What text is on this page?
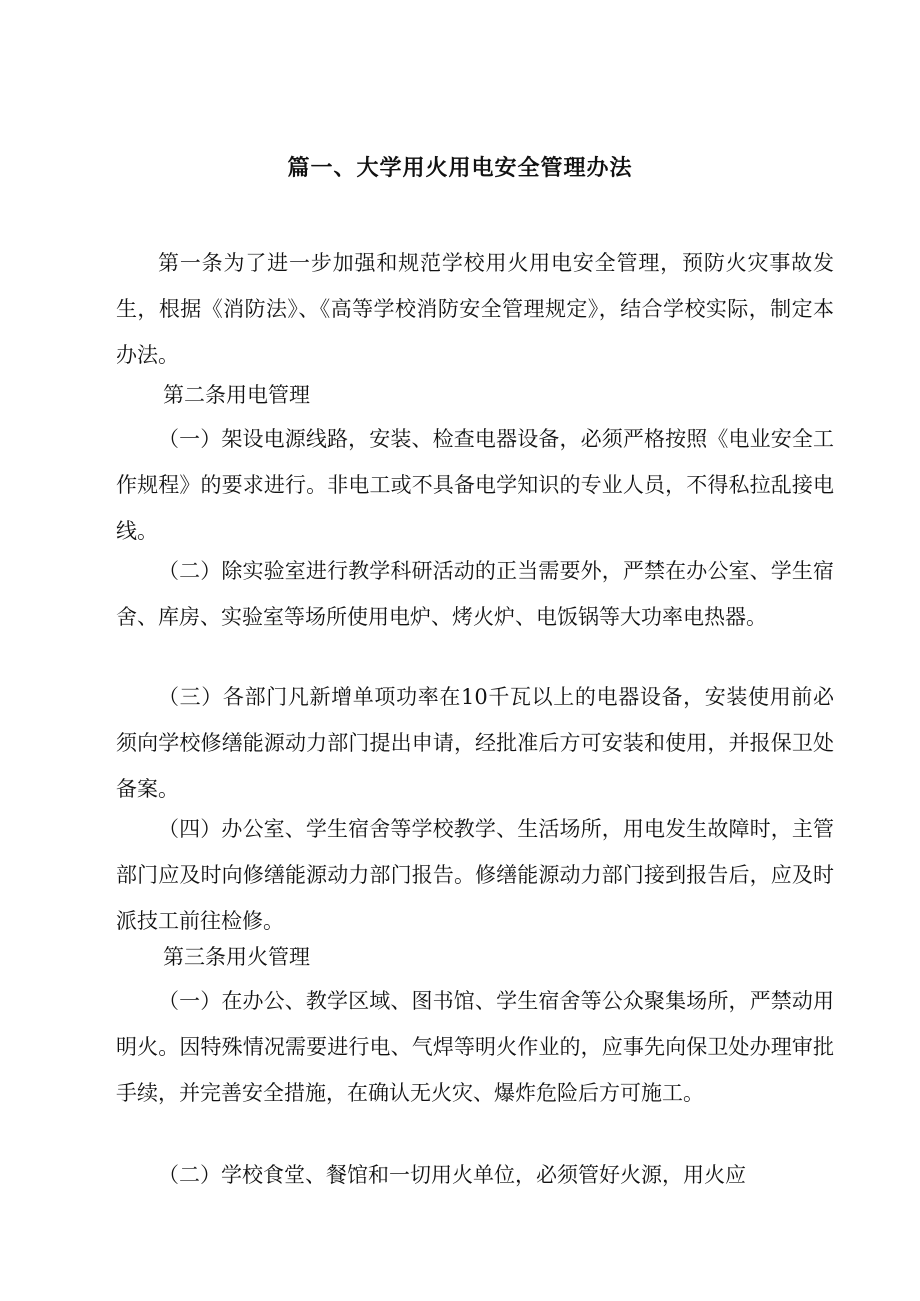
篇一、大学用火用电安全管理办法

第一条为了进一步加强和规范学校用火用电安全管理，预防火灾事故发生，根据《消防法》、《高等学校消防安全管理规定》，结合学校实际，制定本办法。

第二条用电管理

（一）架设电源线路，安装、检查电器设备，必须严格按照《电业安全工作规程》的要求进行。非电工或不具备电学知识的专业人员，不得私拉乱接电线。

（二）除实验室进行教学科研活动的正当需要外，严禁在办公室、学生宿舍、库房、实验室等场所使用电炉、烤火炉、电饭锅等大功率电热器。

（三）各部门凡新增单项功率在10千瓦以上的电器设备，安装使用前必须向学校修缮能源动力部门提出申请，经批准后方可安装和使用，并报保卫处备案。

（四）办公室、学生宿舍等学校教学、生活场所，用电发生故障时，主管部门应及时向修缮能源动力部门报告。修缮能源动力部门接到报告后，应及时派技工前往检修。

第三条用火管理

（一）在办公、教学区域、图书馆、学生宿舍等公众聚集场所，严禁动用明火。因特殊情况需要进行电、气焊等明火作业的，应事先向保卫处办理审批手续，并完善安全措施，在确认无火灾、爆炸危险后方可施工。

（二）学校食堂、餐馆和一切用火单位，必须管好火源，用火应
